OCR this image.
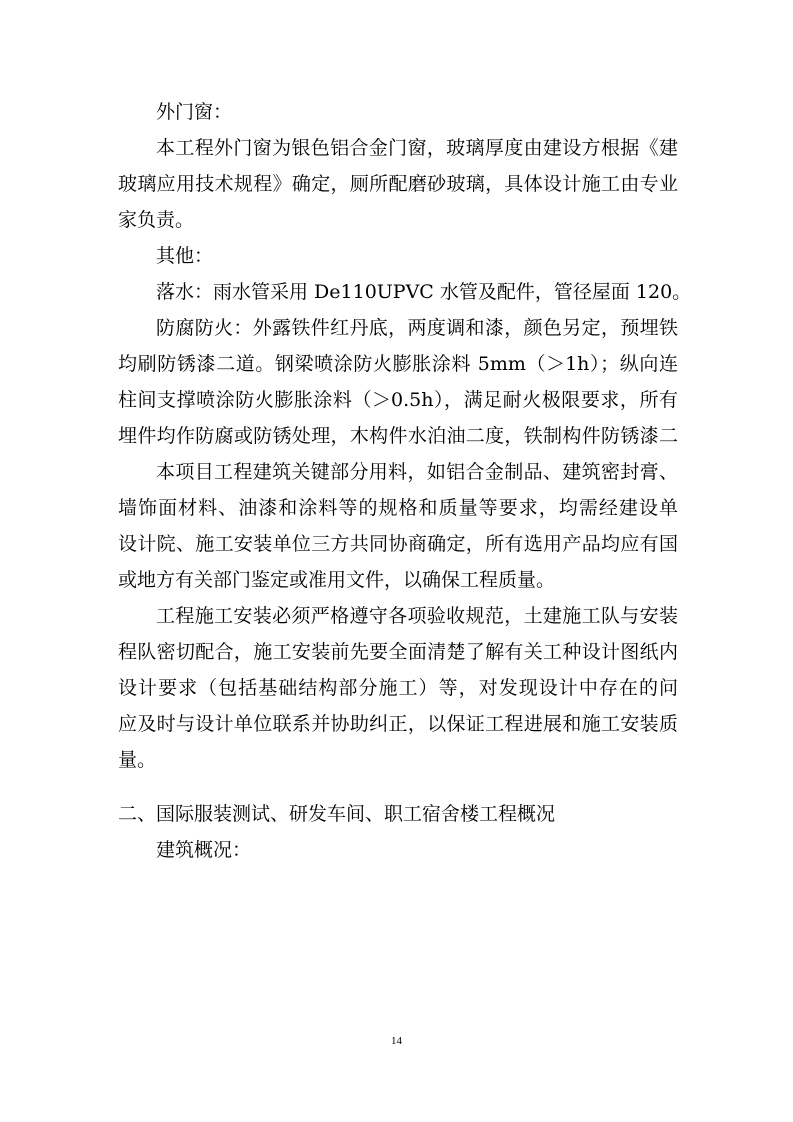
外门窗：
本工程外门窗为银色铝合金门窗，玻璃厚度由建设方根据《建
玻璃应用技术规程》确定，厕所配磨砂玻璃，具体设计施工由专业
家负责。
其他：
落水：雨水管采用 De110UPVC 水管及配件，管径屋面 120。
防腐防火：外露铁件红丹底，两度调和漆，颜色另定，预埋铁
均刷防锈漆二道。钢梁喷涂防火膨胀涂料 5mm（＞1h）；纵向连
柱间支撑喷涂防火膨胀涂料（＞0.5h），满足耐火极限要求，所有
埋件均作防腐或防锈处理，木构件水泊油二度，铁制构件防锈漆二
本项目工程建筑关键部分用料，如铝合金制品、建筑密封膏、
墙饰面材料、油漆和涂料等的规格和质量等要求，均需经建设单
设计院、施工安装单位三方共同协商确定，所有选用产品均应有国
或地方有关部门鉴定或准用文件，以确保工程质量。
工程施工安装必须严格遵守各项验收规范，土建施工队与安装
程队密切配合，施工安装前先要全面清楚了解有关工种设计图纸内
设计要求（包括基础结构部分施工）等，对发现设计中存在的问
应及时与设计单位联系并协助纠正，以保证工程进展和施工安装质
量。
二、国际服装测试、研发车间、职工宿舍楼工程概况
建筑概况：
14
